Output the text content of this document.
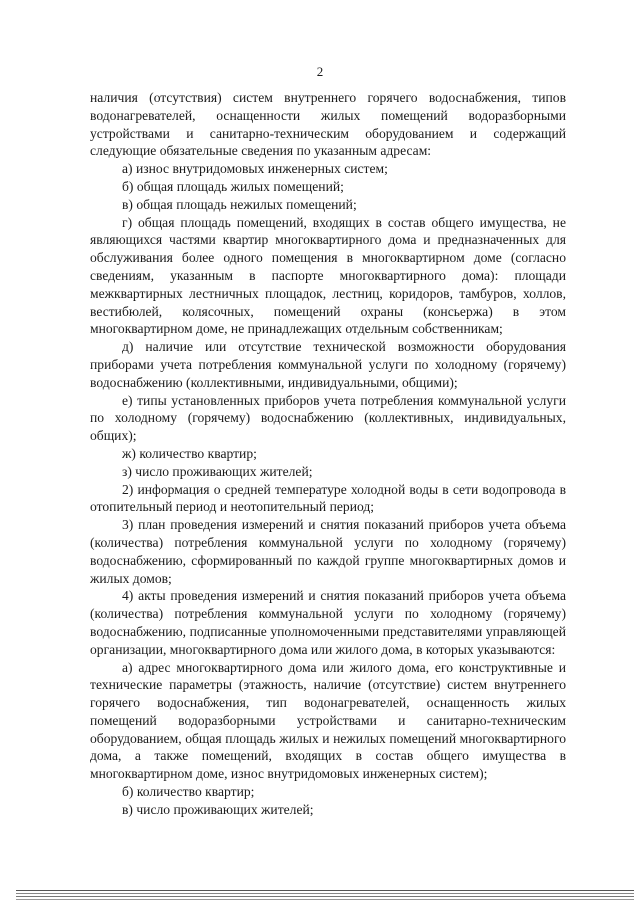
2

наличия (отсутствия) систем внутреннего горячего водоснабжения, типов водонагревателей, оснащенности жилых помещений водоразборными устройствами и санитарно-техническим оборудованием и содержащий следующие обязательные сведения по указанным адресам:

а) износ внутридомовых инженерных систем;

б) общая площадь жилых помещений;

в) общая площадь нежилых помещений;

г) общая площадь помещений, входящих в состав общего имущества, не являющихся частями квартир многоквартирного дома и предназначенных для обслуживания более одного помещения в многоквартирном доме (согласно сведениям, указанным в паспорте многоквартирного дома): площади межквартирных лестничных площадок, лестниц, коридоров, тамбуров, холлов, вестибюлей, колясочных, помещений охраны (консьержа) в этом многоквартирном доме, не принадлежащих отдельным собственникам;

д) наличие или отсутствие технической возможности оборудования приборами учета потребления коммунальной услуги по холодному (горячему) водоснабжению (коллективными, индивидуальными, общими);

е) типы установленных приборов учета потребления коммунальной услуги по холодному (горячему) водоснабжению (коллективных, индивидуальных, общих);

ж) количество квартир;

з) число проживающих жителей;

2) информация о средней температуре холодной воды в сети водопровода в отопительный период и неотопительный период;

3) план проведения измерений и снятия показаний приборов учета объема (количества) потребления коммунальной услуги по холодному (горячему) водоснабжению, сформированный по каждой группе многоквартирных домов и жилых домов;

4) акты проведения измерений и снятия показаний приборов учета объема (количества) потребления коммунальной услуги по холодному (горячему) водоснабжению, подписанные уполномоченными представителями управляющей организации, многоквартирного дома или жилого дома, в которых указываются:

а) адрес многоквартирного дома или жилого дома, его конструктивные и технические параметры (этажность, наличие (отсутствие) систем внутреннего горячего водоснабжения, тип водонагревателей, оснащенность жилых помещений водоразборными устройствами и санитарно-техническим оборудованием, общая площадь жилых и нежилых помещений многоквартирного дома, а также помещений, входящих в состав общего имущества в многоквартирном доме, износ внутридомовых инженерных систем);

б) количество квартир;

в) число проживающих жителей;
